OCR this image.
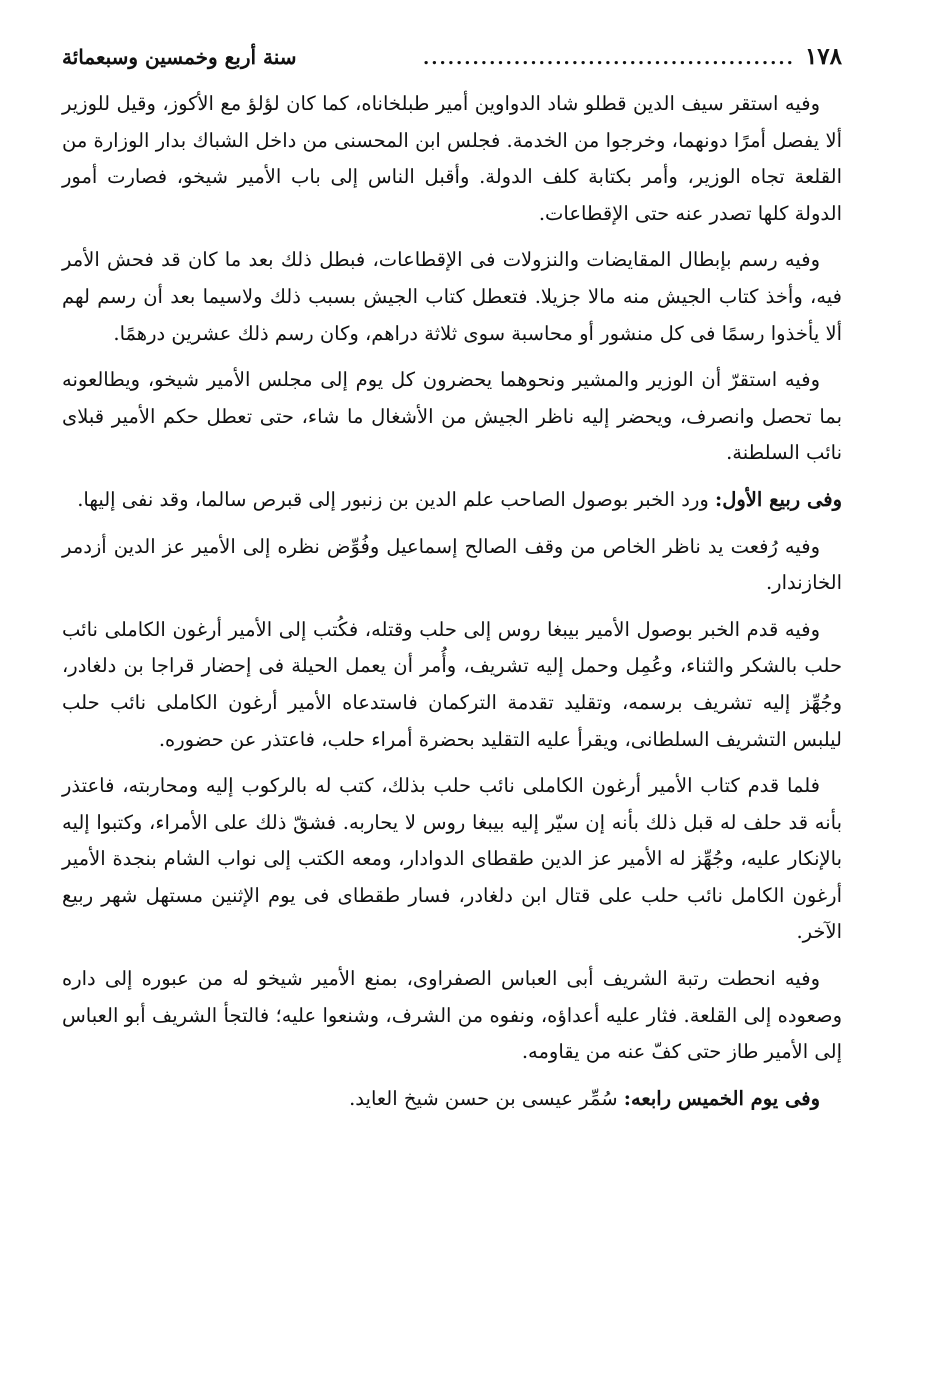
١٧٨
.............................................
سنة أربع وخمسين وسبعمائة

وفيه استقر سيف الدين قطلو شاد الدواوين أمير طبلخاناه، كما كان لؤلؤ مع الأكوز، وقيل للوزير ألا يفصل أمرًا دونهما، وخرجوا من الخدمة. فجلس ابن المحسنى من داخل الشباك بدار الوزارة من القلعة تجاه الوزير، وأمر بكتابة كلف الدولة. وأقبل الناس إلى باب الأمير شيخو، فصارت أمور الدولة كلها تصدر عنه حتى الإقطاعات.

وفيه رسم بإبطال المقايضات والنزولات فى الإقطاعات، فبطل ذلك بعد ما كان قد فحش الأمر فيه، وأخذ كتاب الجيش منه مالا جزيلا. فتعطل كتاب الجيش بسبب ذلك ولاسيما بعد أن رسم لهم ألا يأخذوا رسمًا فى كل منشور أو محاسبة سوى ثلاثة دراهم، وكان رسم ذلك عشرين درهمًا.

وفيه استقرّ أن الوزير والمشير ونحوهما يحضرون كل يوم إلى مجلس الأمير شيخو، ويطالعونه بما تحصل وانصرف، ويحضر إليه ناظر الجيش من الأشغال ما شاء، حتى تعطل حكم الأمير قبلاى نائب السلطنة.

وفى ربيع الأول: ورد الخبر بوصول الصاحب علم الدين بن زنبور إلى قبرص سالما، وقد نفى إليها.

وفيه رُفعت يد ناظر الخاص من وقف الصالح إسماعيل وفُوِّض نظره إلى الأمير عز الدين أزدمر الخازندار.

وفيه قدم الخبر بوصول الأمير بيبغا روس إلى حلب وقتله، فكُتب إلى الأمير أرغون الكاملى نائب حلب بالشكر والثناء، وعُمِل وحمل إليه تشريف، وأُمر أن يعمل الحيلة فى إحضار قراجا بن دلغادر، وجُهِّز إليه تشريف برسمه، وتقليد تقدمة التركمان فاستدعاه الأمير أرغون الكاملى نائب حلب ليلبس التشريف السلطانى، ويقرأ عليه التقليد بحضرة أمراء حلب، فاعتذر عن حضوره.

فلما قدم كتاب الأمير أرغون الكاملى نائب حلب بذلك، كتب له بالركوب إليه ومحاربته، فاعتذر بأنه قد حلف له قبل ذلك بأنه إن سيّر إليه بيبغا روس لا يحاربه. فشقّ ذلك على الأمراء، وكتبوا إليه بالإنكار عليه، وجُهِّز له الأمير عز الدين طقطاى الدوادار، ومعه الكتب إلى نواب الشام بنجدة الأمير أرغون الكامل نائب حلب على قتال ابن دلغادر، فسار طقطاى فى يوم الإثنين مستهل شهر ربيع الآخر.

وفيه انحطت رتبة الشريف أبى العباس الصفراوى، بمنع الأمير شيخو له من عبوره إلى داره وصعوده إلى القلعة. فثار عليه أعداؤه، ونفوه من الشرف، وشنعوا عليه؛ فالتجأ الشريف أبو العباس إلى الأمير طاز حتى كفّ عنه من يقاومه.

وفى يوم الخميس رابعه: سُمِّر عيسى بن حسن شيخ العايد.
